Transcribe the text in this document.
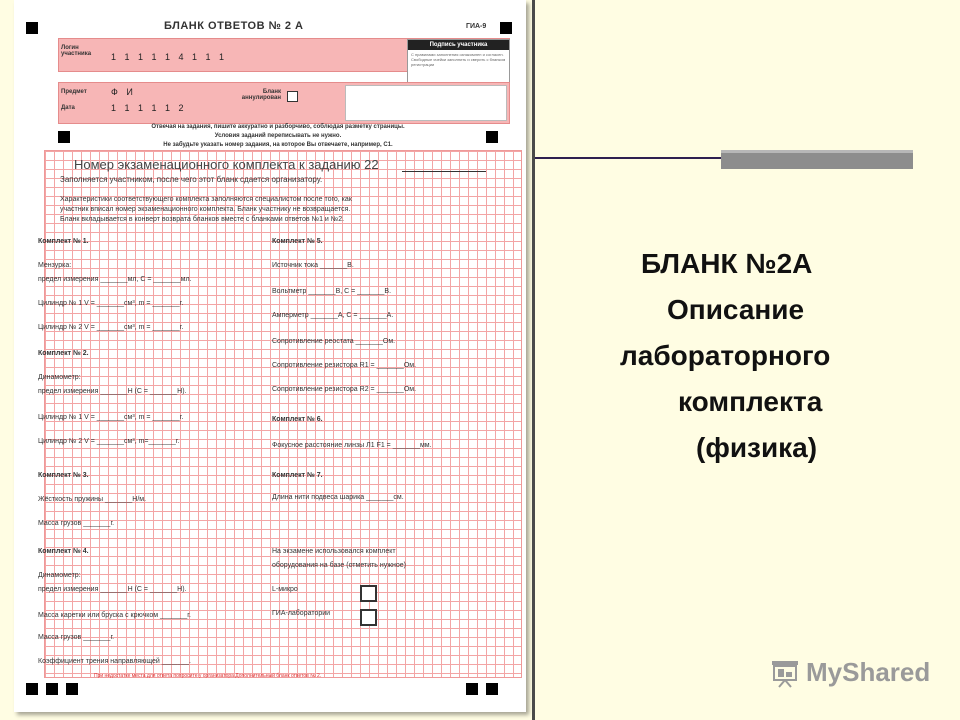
БЛАНК ОТВЕТОВ № 2 А	ГИА-9
Логин участника	1 1 1 1 1 4 1 1 1
Подпись участника
С правилами заполнения ознакомлен и согласен. Свободные ячейки заполнить и сверить с бланком регистрации
Предмет	Ф И
Дата	1 1 1 1 1 2
Бланк аннулирован
Отвечая на задания, пишите аккуратно и разборчиво, соблюдая разметку страницы.
Условия заданий переписывать не нужно.
Не забудьте указать номер задания, на которое Вы отвечаете, например, С1.
Номер экзаменационного комплекта к заданию 22
Заполняется участником, после чего этот бланк сдается организатору.
Характеристики соответствующего комплекта заполняются специалистом после того, как
участник вписал номер экзаменационного комплекта. Бланк участнику не возвращается.
Бланк вкладывается в конверт возврата бланков вместе с бланками ответов №1 и №2.
Комплект № 1.
Мензурка:
предел измерения _______мл, С = _______мл.
Цилиндр № 1 V = _______см³, m = _______г.
Цилиндр № 2 V = _______см³, m = _______г.
Комплект № 2.
Динамометр:
предел измерения _______Н (С = _______Н).
Цилиндр № 1 V = _______см³, m = _______г.
Цилиндр № 2 V = _______см³, m=_______г.
Комплект № 3.
Жёсткость пружины _______Н/м.
Масса грузов _______г.
Комплект № 4.
Динамометр:
предел измерения _______Н (С = _______Н).
Масса каретки или бруска с крючком _______г.
Масса грузов _______г.
Коэффициент трения направляющей _______.
Комплект № 5.
Источник тока _______В.
Вольтметр _______В, С = _______В.
Амперметр _______А, С = _______А.
Сопротивление реостата _______Ом.
Сопротивление резистора R1 = _______Ом.
Сопротивление резистора R2 = _______Ом.
Комплект № 6.
Фокусное расстояние линзы Л1 F1 = _______мм.
Комплект № 7.
Длина нити подвеса шарика _______см.
На экзамене использовался комплект
оборудования на базе (отметить нужное)
L-микро
ГИА-лаборатории
При недостатке места для ответа попросите у организатора Дополнительный бланк ответов № 2.
БЛАНК №2А
Описание
лабораторного
комплекта
(физика)
MyShared
